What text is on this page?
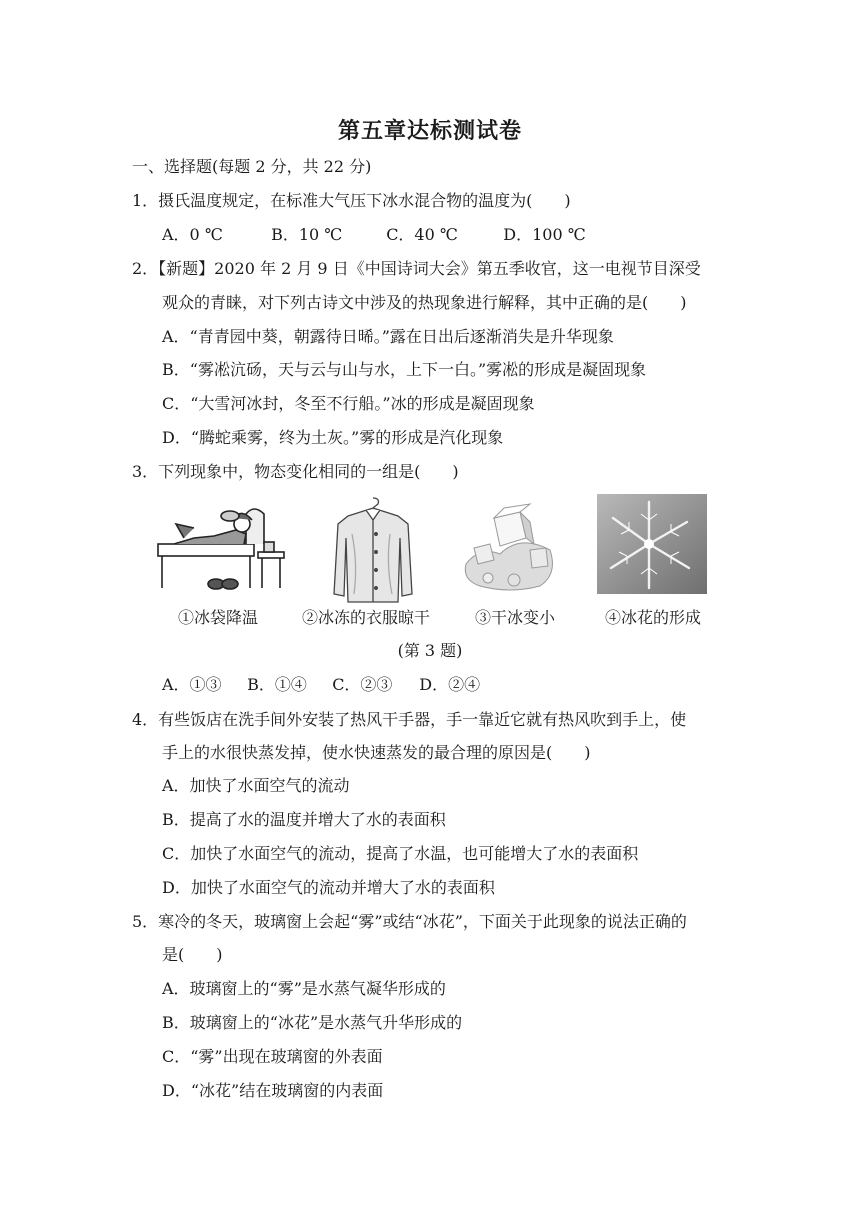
第五章达标测试卷
一、选择题(每题 2 分，共 22 分)
1．摄氏温度规定，在标准大气压下冰水混合物的温度为(　　)
A．0 ℃	B．10 ℃	C．40 ℃	D．100 ℃
2．【新题】2020 年 2 月 9 日《中国诗词大会》第五季收官，这一电视节目深受
观众的青睐，对下列古诗文中涉及的热现象进行解释，其中正确的是(　　)
A．“青青园中葵，朝露待日晞。”露在日出后逐渐消失是升华现象
B．“雾凇沆砀，天与云与山与水，上下一白。”雾凇的形成是凝固现象
C．“大雪河冰封，冬至不行船。”冰的形成是凝固现象
D．“腾蛇乘雾，终为土灰。”雾的形成是汽化现象
3．下列现象中，物态变化相同的一组是(　　)
①冰袋降温	②冰冻的衣服晾干	③干冰变小	④冰花的形成
(第 3 题)
A．①③ B．①④ C．②③ D．②④
4．有些饭店在洗手间外安装了热风干手器，手一靠近它就有热风吹到手上，使
手上的水很快蒸发掉，使水快速蒸发的最合理的原因是(　　)
A．加快了水面空气的流动
B．提高了水的温度并增大了水的表面积
C．加快了水面空气的流动，提高了水温，也可能增大了水的表面积
D．加快了水面空气的流动并增大了水的表面积
5．寒冷的冬天，玻璃窗上会起“雾”或结“冰花”，下面关于此现象的说法正确的
是(　　)
A．玻璃窗上的“雾”是水蒸气凝华形成的
B．玻璃窗上的“冰花”是水蒸气升华形成的
C．“雾”出现在玻璃窗的外表面
D．“冰花”结在玻璃窗的内表面
